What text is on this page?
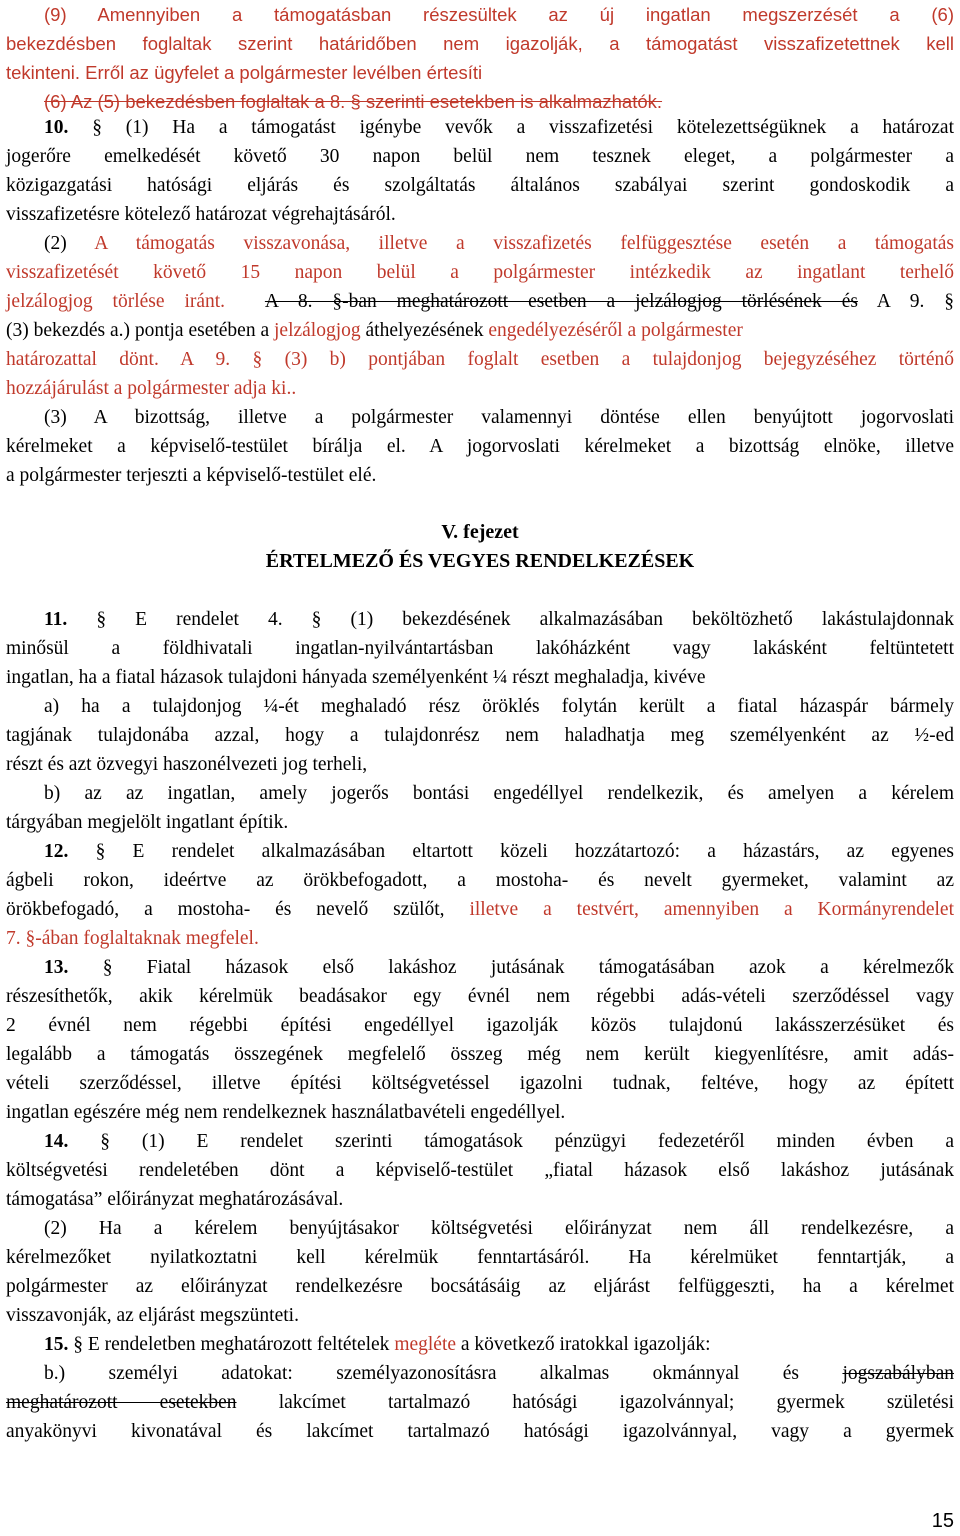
(9) Amennyiben a támogatásban részesültek az új ingatlan megszerzését a (6)
bekezdésben foglaltak szerint határidőben nem igazolják, a támogatást visszafizetettnek kell
tekinteni. Erről az ügyfelet a polgármester levélben értesíti
(6) Az (5) bekezdésben foglaltak a 8. § szerinti esetekben is alkalmazhatók.

10. § (1) Ha a támogatást igénybe vevők a visszafizetési kötelezettségüknek a határozat
jogerőre emelkedését követő 30 napon belül nem tesznek eleget, a polgármester a
közigazgatási hatósági eljárás és szolgáltatás általános szabályai szerint gondoskodik a
visszafizetésre kötelező határozat végrehajtásáról.

(2) A támogatás visszavonása, illetve a visszafizetés felfüggesztése esetén a támogatás
visszafizetését követő 15 napon belül a polgármester intézkedik az ingatlant terhelő
jelzálogjog törlése iránt. A 8. §-ban meghatározott esetben a jelzálogjog törlésének és A 9. §
(3) bekezdés a.) pontja esetében a jelzálogjog áthelyezésének engedélyezéséről a polgármester
határozattal dönt. A 9. § (3) b) pontjában foglalt esetben a tulajdonjog bejegyzéséhez történő
hozzájárulást a polgármester adja ki..

(3) A bizottság, illetve a polgármester valamennyi döntése ellen benyújtott jogorvoslati
kérelmeket a képviselő-testület bírálja el. A jogorvoslati kérelmeket a bizottság elnöke, illetve
a polgármester terjeszti a képviselő-testület elé.

V. fejezet

ÉRTELMEZŐ ÉS VEGYES RENDELKEZÉSEK

11. § E rendelet 4. § (1) bekezdésének alkalmazásában beköltözhető lakástulajdonnak
minősül a földhivatali ingatlan-nyilvántartásban lakóházként vagy lakásként feltüntetett
ingatlan, ha a fiatal házasok tulajdoni hányada személyenként ¼ részt meghaladja, kivéve
a) ha a tulajdonjog ¼-ét meghaladó rész öröklés folytán került a fiatal házaspár bármely
tagjának tulajdonába azzal, hogy a tulajdonrész nem haladhatja meg személyenként az ½-ed
részt és azt özvegyi haszonélvezeti jog terheli,
b) az az ingatlan, amely jogerős bontási engedéllyel rendelkezik, és amelyen a kérelem
tárgyában megjelölt ingatlant építik.

12. § E rendelet alkalmazásában eltartott közeli hozzátartozó: a házastárs, az egyenes
ágbeli rokon, ideértve az örökbefogadott, a mostoha- és nevelt gyermeket, valamint az
örökbefogadó, a mostoha- és nevelő szülőt, illetve a testvért, amennyiben a Kormányrendelet
7. §-ában foglaltaknak megfelel.

13. § Fiatal házasok első lakáshoz jutásának támogatásában azok a kérelmezők
részesíthetők, akik kérelmük beadásakor egy évnél nem régebbi adás-vételi szerződéssel vagy
2 évnél nem régebbi építési engedéllyel igazolják közös tulajdonú lakásszerzésüket és
legalább a támogatás összegének megfelelő összeg még nem került kiegyenlítésre, amit adás-
vételi szerződéssel, illetve építési költségvetéssel igazolni tudnak, feltéve, hogy az épített
ingatlan egészére még nem rendelkeznek használatbavételi engedéllyel.

14. § (1) E rendelet szerinti támogatások pénzügyi fedezetéről minden évben a
költségvetési rendeletében dönt a képviselő-testület „fiatal házasok első lakáshoz jutásának
támogatása” előirányzat meghatározásával.

(2) Ha a kérelem benyújtásakor költségvetési előirányzat nem áll rendelkezésre, a
kérelmezőket nyilatkoztatni kell kérelmük fenntartásáról. Ha kérelmüket fenntartják, a
polgármester az előirányzat rendelkezésre bocsátásáig az eljárást felfüggeszti, ha a kérelmet
visszavonják, az eljárást megszünteti.

15. § E rendeletben meghatározott feltételek megléte a következő iratokkal igazolják:
b.) személyi adatokat: személyazonosításra alkalmas okmánnyal és jogszabályban
meghatározott esetekben lakcímet tartalmazó hatósági igazolvánnyal; gyermek születési
anyakönyvi kivonatával és lakcímet tartalmazó hatósági igazolvánnyal, vagy a gyermek

15
